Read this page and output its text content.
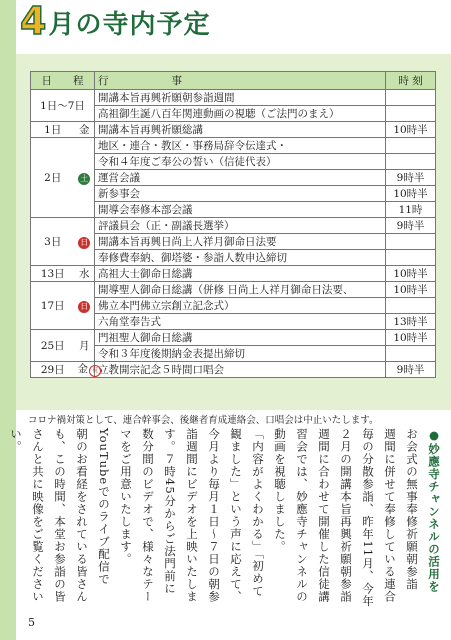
4 月の寺内予定
日　　程		行　　　　　　事	時 刻
1日～7日		開講本旨再興祈願朝参詣週間	
		高祖御生誕八百年関連動画の視聴（ご法門のまえ）	
1日	金	開講本旨再興祈願総講	10時半
2日	土	地区・連合・教区・事務局辞令伝達式・	
		令和４年度ご奉公の誓い（信徒代表）	
		運営会議	9時半
		新参事会	10時半
		開導会奉修本部会議	11時
3日	日	評議員会（正・副議長選挙）	9時半
		開講本旨再興日尚上人祥月御命日法要	
		奉修費奉納、御塔婆・参詣人数申込締切	
13日	水	高祖大士御命日総講	10時半
17日	日	開導聖人御命日総講（併修 日尚上人祥月御命日法要、	10時半
		佛立本門佛立宗創立記念式）	
		六角堂奉告式	13時半
25日	月	門祖聖人御命日総講	10時半
		令和３年度後期納金表提出締切	
29日	金 祝	立教開宗記念５時間口唱会	9時半
コロナ禍対策として、連合幹事会、後継者育成連絡会、口唱会は中止いたします。
●妙應寺チャンネルの活用を
お会式の無事奉修祈願朝参詣
週間に併せて奉修している連合
毎の分散参詣、昨年11月、今年
２月の開講本旨再興祈願朝参詣
週間に合わせて開催した信徒講
習会では、妙應寺チャンネルの
動画を視聴しました。
「内容がよくわかる」「初めて
観ました」という声に応えて、
今月より毎月１日～７日の朝参
詣週間にビデオを上映いたしま
す。７時45分からご法門前に
数分間のビデオで、様々なテー
マをご用意いたします。
YouTubeでのライブ配信で
朝のお看経をされている皆さん
も、この時間、本堂お参詣の皆
さんと共に映像をご覧ください
い。
5
